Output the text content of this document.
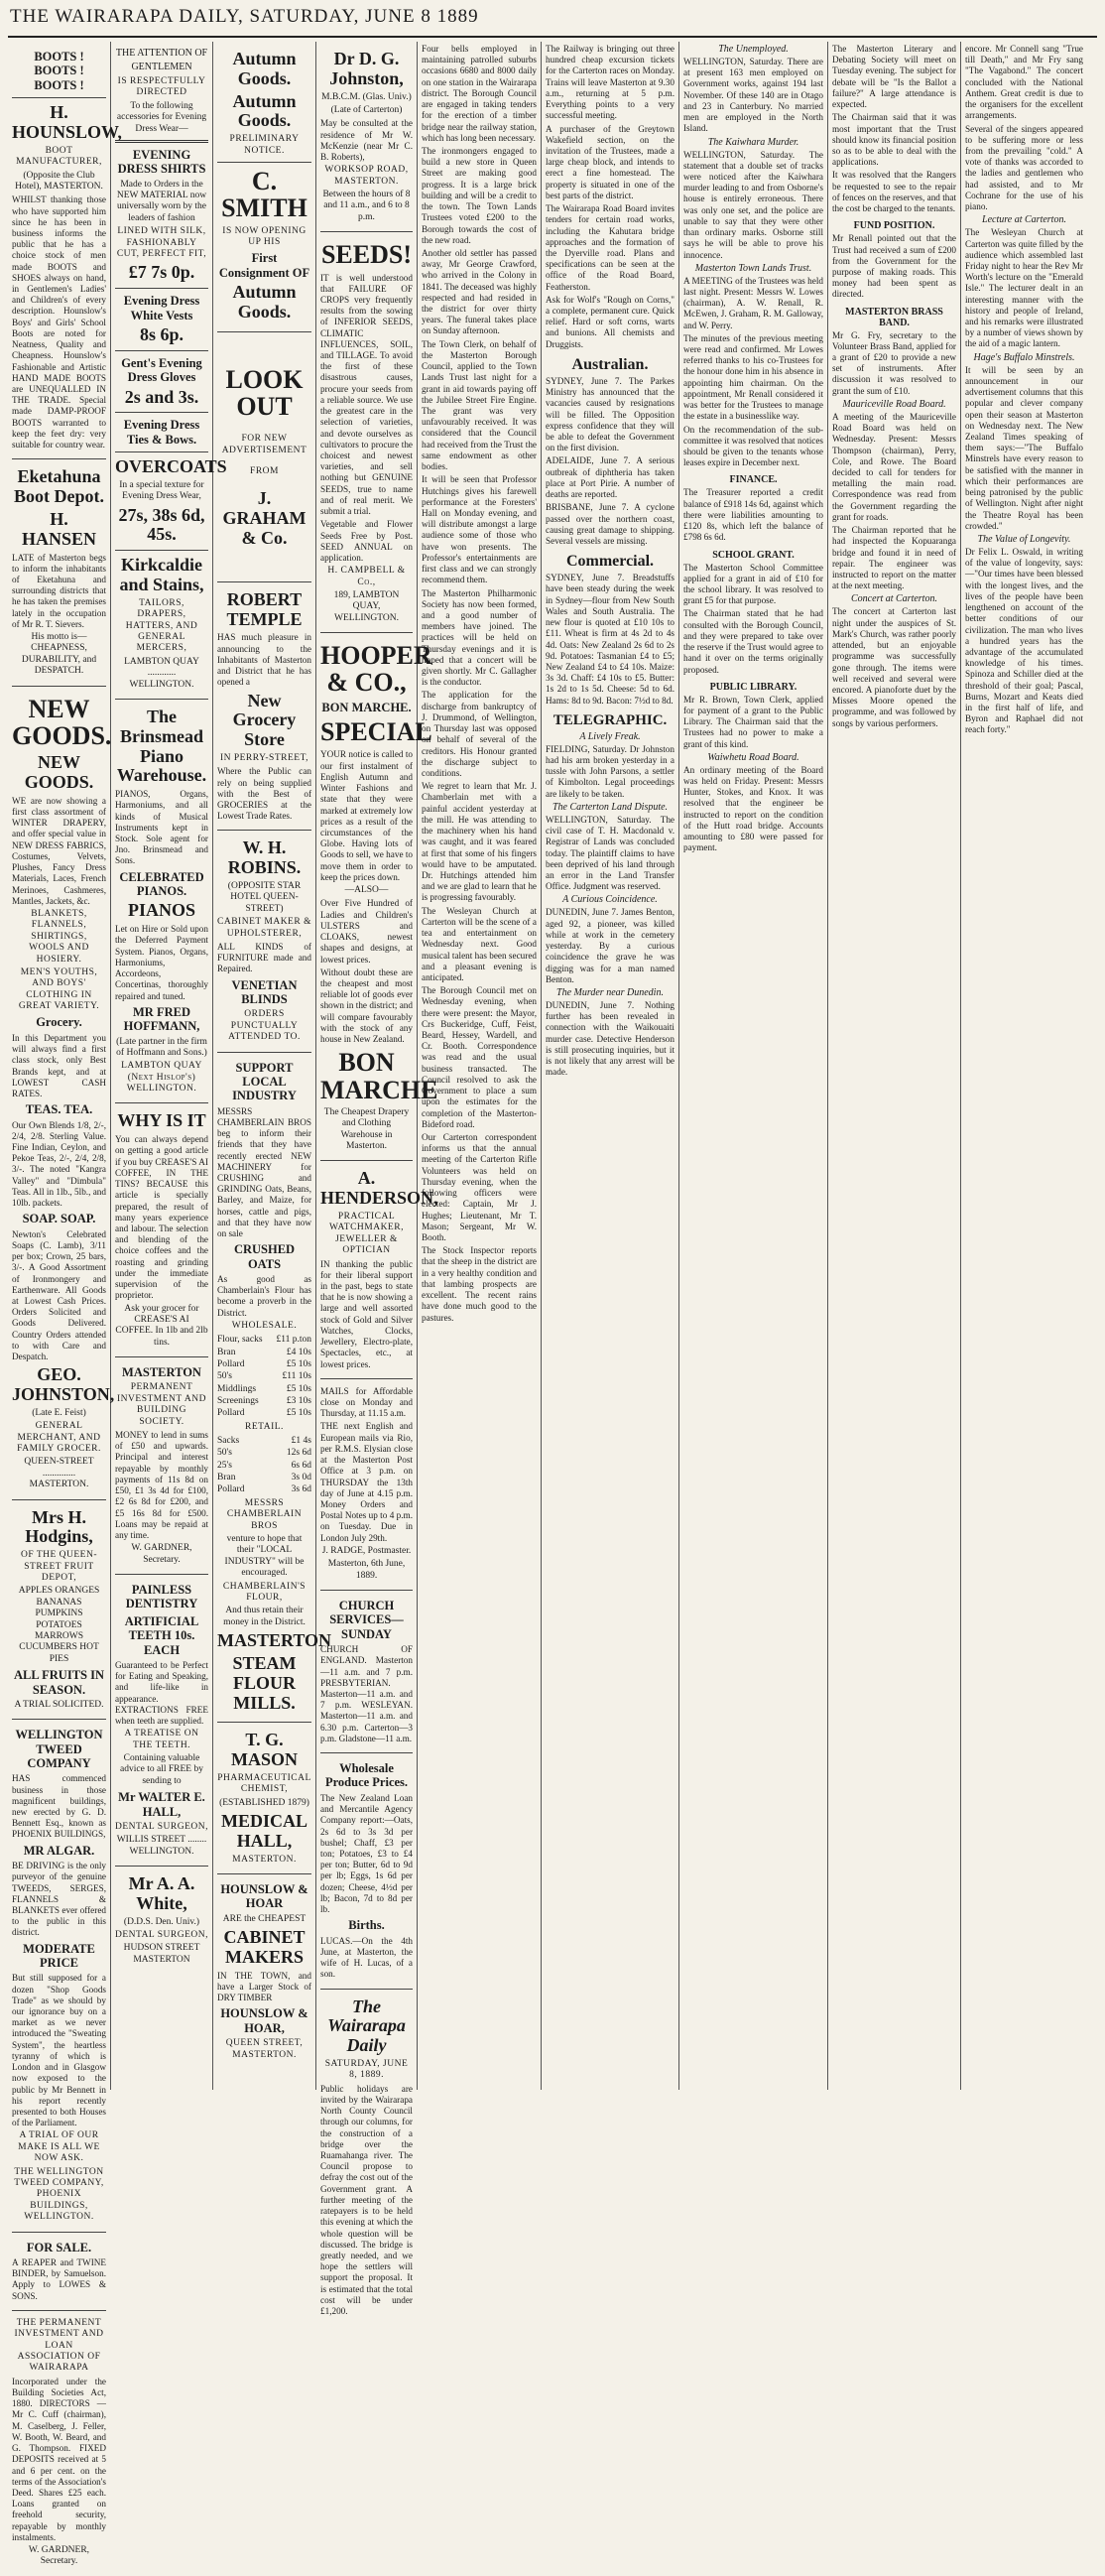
THE WAIRARAPA DAILY, SATURDAY, JUNE 8 1889
BOOTS ! BOOTS ! BOOTS !
H. HOUNSLOW,
BOOT MANUFACTURER,
(Opposite the Club Hotel), MASTERTON.
WHILST thanking those who have supported him since he has been in business informs the public that he has a choice stock of men made BOOTS and SHOES always on hand, in Gentlemen's Ladies' and Children's of every description. Hounslow's Boys' and Girls' School Boots are noted for Neatness, Quality and Cheapness. Hounslow's Fashionable and Artistic HAND MADE BOOTS are UNEQUALLED IN THE TRADE. Special made DAMP-PROOF BOOTS warranted to keep the feet dry: very suitable for country wear.
Eketahuna Boot Depot.
H. HANSEN
LATE of Masterton begs to inform the inhabitants of Eketahuna and surrounding districts that he has taken the premises lately in the occupation of Mr R. T. Sievers.
His motto is—CHEAPNESS, DURABILITY, and DESPATCH.
NEW GOODS.
NEW GOODS.
WE are now showing a first class assortment of WINTER DRAPERY, and offer special value in NEW DRESS FABRICS, Costumes, Velvets, Plushes, Fancy Dress Materials, Laces, French Merinoes, Cashmeres, Mantles, Jackets, &c.
BLANKETS, FLANNELS, SHIRTINGS, WOOLS AND HOSIERY.
MEN'S YOUTHS, AND BOYS' CLOTHING IN GREAT VARIETY.
Grocery.
In this Department you will always find a first class stock, only Best Brands kept, and at LOWEST CASH RATES.
TEAS. TEA.
Our Own Blends 1/8, 2/-, 2/4, 2/8. Sterling Value. Fine Indian, Ceylon, and Pekoe Teas, 2/-, 2/4, 2/8, 3/-. The noted "Kangra Valley" and "Dimbula" Teas. All in 1lb., 5lb., and 10lb. packets.
SOAP. SOAP.
Newton's Celebrated Soaps (C. Lamb), 3/11 per box; Crown, 25 bars, 3/-. A Good Assortment of Ironmongery and Earthenware. All Goods at Lowest Cash Prices. Orders Solicited and Goods Delivered. Country Orders attended to with Care and Despatch.
GEO. JOHNSTON,
(Late E. Feist)
GENERAL MERCHANT, AND FAMILY GROCER.
QUEEN-STREET .............. MASTERTON.
Mrs H. Hodgins,
OF THE QUEEN-STREET FRUIT DEPOT,
APPLES ORANGES BANANAS PUMPKINS POTATOES MARROWS CUCUMBERS HOT PIES
ALL FRUITS IN SEASON.
A TRIAL SOLICITED.
WELLINGTON TWEED COMPANY
HAS commenced business in those magnificent buildings, new erected by G. D. Bennett Esq., known as PHOENIX BUILDINGS,
MR ALGAR.
BE DRIVING is the only purveyor of the genuine TWEEDS, SERGES, FLANNELS & BLANKETS ever offered to the public in this district.
MODERATE PRICE
But still supposed for a dozen "Shop Goods Trade" as we should by our ignorance buy on a market as we never introduced the "Sweating System", the heartless tyranny of which is London and in Glasgow now exposed to the public by Mr Bennett in his report recently presented to both Houses of the Parliament.
A TRIAL OF OUR MAKE IS ALL WE NOW ASK.
THE WELLINGTON TWEED COMPANY, PHOENIX BUILDINGS, WELLINGTON.
FOR SALE.
A REAPER and TWINE BINDER, by Samuelson. Apply to LOWES & SONS.
THE PERMANENT INVESTMENT AND LOAN ASSOCIATION OF WAIRARAPA
Incorporated under the Building Societies Act, 1880. DIRECTORS — Mr C. Cuff (chairman), M. Caselberg, J. Feller, W. Booth, W. Beard, and G. Thompson. FIXED DEPOSITS received at 5 and 6 per cent. on the terms of the Association's Deed. Shares £25 each. Loans granted on freehold security, repayable by monthly instalments.
W. GARDNER, Secretary.
THE ATTENTION OF GENTLEMEN
IS RESPECTFULLY DIRECTED
To the following accessories for Evening Dress Wear—
EVENING DRESS SHIRTS
Made to Orders in the NEW MATERIAL now universally worn by the leaders of fashion
LINED WITH SILK, FASHIONABLY CUT, PERFECT FIT,
£7 7s 0p.
Evening Dress White Vests
8s 6p.
Gent's Evening Dress Gloves
2s and 3s.
Evening Dress Ties & Bows.
OVERCOATS
In a special texture for Evening Dress Wear,
27s, 38s 6d, 45s.
Kirkcaldie and Stains,
TAILORS, DRAPERS, HATTERS, AND GENERAL MERCERS,
LAMBTON QUAY ............ WELLINGTON.
The Brinsmead Piano Warehouse.
PIANOS, Organs, Harmoniums, and all kinds of Musical Instruments kept in Stock. Sole agent for Jno. Brinsmead and Sons.
CELEBRATED PIANOS.
PIANOS
Let on Hire or Sold upon the Deferred Payment System. Pianos, Organs, Harmoniums, Accordeons, Concertinas, thoroughly repaired and tuned.
MR FRED HOFFMANN,
(Late partner in the firm of Hoffmann and Sons.)
LAMBTON QUAY (Next Hislop's) WELLINGTON.
WHY IS IT
You can always depend on getting a good article if you buy CREASE'S AI COFFEE, IN THE TINS? BECAUSE this article is specially prepared, the result of many years experience and labour. The selection and blending of the choice coffees and the roasting and grinding under the immediate supervision of the proprietor.
Ask your grocer for CREASE'S AI COFFEE. In 1lb and 2lb tins.
MASTERTON
PERMANENT INVESTMENT AND BUILDING SOCIETY.
MONEY to lend in sums of £50 and upwards. Principal and interest repayable by monthly payments of 11s 8d on £50, £1 3s 4d for £100, £2 6s 8d for £200, and £5 16s 8d for £500. Loans may be repaid at any time.
W. GARDNER, Secretary.
PAINLESS DENTISTRY
ARTIFICIAL TEETH 10s. EACH
Guaranteed to be Perfect for Eating and Speaking, and life-like in appearance. EXTRACTIONS FREE when teeth are supplied.
A TREATISE ON THE TEETH.
Containing valuable advice to all FREE by sending to
Mr WALTER E. HALL,
DENTAL SURGEON,
WILLIS STREET ........ WELLINGTON.
Mr A. A. White,
(D.D.S. Den. Univ.)
DENTAL SURGEON,
HUDSON STREET MASTERTON
Autumn Goods.
Autumn Goods.
PRELIMINARY NOTICE.
C. SMITH
IS NOW OPENING UP HIS
First Consignment OF
Autumn Goods.
LOOK OUT
FOR NEW ADVERTISEMENT
FROM
J. GRAHAM & Co.
ROBERT TEMPLE
HAS much pleasure in announcing to the Inhabitants of Masterton and District that he has opened a
New Grocery Store
IN PERRY-STREET,
Where the Public can rely on being supplied with the Best of GROCERIES at the Lowest Trade Rates.
W. H. ROBINS.
(OPPOSITE STAR HOTEL QUEEN-STREET)
CABINET MAKER & UPHOLSTERER,
ALL KINDS of FURNITURE made and Repaired.
VENETIAN BLINDS
ORDERS PUNCTUALLY ATTENDED TO.
SUPPORT LOCAL INDUSTRY
MESSRS CHAMBERLAIN BROS beg to inform their friends that they have recently erected NEW MACHINERY for CRUSHING and GRINDING Oats, Beans, Barley, and Maize, for horses, cattle and pigs, and that they have now on sale
CRUSHED OATS
As good as Chamberlain's Flour has become a proverb in the District.
WHOLESALE.
Flour, sacks £11 p.ton
Bran	£4 10s
Pollard	£5 10s
50's	£11 10s
Middlings	£5 10s
Screenings	£3 10s
Pollard	£5 10s
RETAIL.
Sacks	£1 4s
50's	12s 6d
25's	6s 6d
Bran	3s 0d
Pollard	3s 6d
MESSRS CHAMBERLAIN BROS
venture to hope that their "LOCAL INDUSTRY" will be encouraged.
CHAMBERLAIN'S FLOUR,
And thus retain their money in the District.
MASTERTON
STEAM FLOUR MILLS.
T. G. MASON
PHARMACEUTICAL CHEMIST,
(ESTABLISHED 1879)
MEDICAL HALL,
MASTERTON.
HOUNSLOW & HOAR
ARE the CHEAPEST
CABINET MAKERS
IN THE TOWN, and have a Larger Stock of DRY TIMBER
HOUNSLOW & HOAR,
QUEEN STREET, MASTERTON.
Dr D. G. Johnston,
M.B.C.M. (Glas. Univ.)
(Late of Carterton)
May be consulted at the residence of Mr W. McKenzie (near Mr C. B. Roberts),
WORKSOP ROAD, MASTERTON.
Between the hours of 8 and 11 a.m., and 6 to 8 p.m.
SEEDS!
IT is well understood that FAILURE OF CROPS very frequently results from the sowing of INFERIOR SEEDS, CLIMATIC INFLUENCES, SOIL, and TILLAGE. To avoid the first of these disastrous causes, procure your seeds from a reliable source. We use the greatest care in the selection of varieties, and devote ourselves as cultivators to procure the choicest and newest varieties, and sell nothing but GENUINE SEEDS, true to name and of real merit. We submit a trial.
Vegetable and Flower Seeds Free by Post. SEED ANNUAL on application.
H. CAMPBELL & Co.,
189, LAMBTON QUAY, WELLINGTON.
HOOPER & CO.,
BON MARCHE.
SPECIAL
YOUR notice is called to our first instalment of English Autumn and Winter Fashions and state that they were marked at extremely low prices as a result of the circumstances of the Globe. Having lots of Goods to sell, we have to move them in order to keep the prices down.
—ALSO—
Over Five Hundred of Ladies and Children's ULSTERS and CLOAKS, newest shapes and designs, at lowest prices.
Without doubt these are the cheapest and most reliable lot of goods ever shown in the district; and will compare favourably with the stock of any house in New Zealand.
BON MARCHE
The Cheapest Drapery and Clothing Warehouse in Masterton.
A. HENDERSON,
PRACTICAL WATCHMAKER, JEWELLER & OPTICIAN
IN thanking the public for their liberal support in the past, begs to state that he is now showing a large and well assorted stock of Gold and Silver Watches, Clocks, Jewellery, Electro-plate, Spectacles, etc., at lowest prices.
MAILS for Affordable close on Monday and Thursday, at 11.15 a.m.
THE next English and European mails via Rio, per R.M.S. Elysian close at the Masterton Post Office at 3 p.m. on THURSDAY the 13th day of June at 4.15 p.m. Money Orders and Postal Notes up to 4 p.m. on Tuesday. Due in London July 29th.
J. RADGE, Postmaster.
Masterton, 6th June, 1889.
CHURCH SERVICES—SUNDAY
CHURCH OF ENGLAND. Masterton—11 a.m. and 7 p.m. PRESBYTERIAN. Masterton—11 a.m. and 7 p.m. WESLEYAN. Masterton—11 a.m. and 6.30 p.m. Carterton—3 p.m. Gladstone—11 a.m.
Wholesale Produce Prices.
The New Zealand Loan and Mercantile Agency Company report:—Oats, 2s 6d to 3s 3d per bushel; Chaff, £3 per ton; Potatoes, £3 to £4 per ton; Butter, 6d to 9d per lb; Eggs, 1s 6d per dozen; Cheese, 4½d per lb; Bacon, 7d to 8d per lb.
Births.
LUCAS.—On the 4th June, at Masterton, the wife of H. Lucas, of a son.
The Wairarapa Daily
SATURDAY, JUNE 8, 1889.
Public holidays are invited by the Wairarapa North County Council through our columns, for the construction of a bridge over the Ruamahanga river. The Council propose to defray the cost out of the Government grant. A further meeting of the ratepayers is to be held this evening at which the whole question will be discussed. The bridge is greatly needed, and we hope the settlers will support the proposal. It is estimated that the total cost will be under £1,200.
Four bells employed in maintaining patrolled suburbs occasions 6680 and 8000 daily on one station in the Wairarapa district. The Borough Council are engaged in taking tenders for the erection of a timber bridge near the railway station, which has long been necessary.
The ironmongers engaged to build a new store in Queen Street are making good progress. It is a large brick building and will be a credit to the town. The Town Lands Trustees voted £200 to the Borough towards the cost of the new road.
Another old settler has passed away, Mr George Crawford, who arrived in the Colony in 1841. The deceased was highly respected and had resided in the district for over thirty years. The funeral takes place on Sunday afternoon.
The Town Clerk, on behalf of the Masterton Borough Council, applied to the Town Lands Trust last night for a grant in aid towards paying off the Jubilee Street Fire Engine. The grant was very unfavourably received. It was considered that the Council had received from the Trust the same endowment as other bodies.
It will be seen that Professor Hutchings gives his farewell performance at the Foresters' Hall on Monday evening, and will distribute amongst a large audience some of those who have won presents. The Professor's entertainments are first class and we can strongly recommend them.
The Masterton Philharmonic Society has now been formed, and a good number of members have joined. The practices will be held on Thursday evenings and it is hoped that a concert will be given shortly. Mr C. Gallagher is the conductor.
The application for the discharge from bankruptcy of J. Drummond, of Wellington, on Thursday last was opposed on behalf of several of the creditors. His Honour granted the discharge subject to conditions.
We regret to learn that Mr. J. Chamberlain met with a painful accident yesterday at the mill. He was attending to the machinery when his hand was caught, and it was feared at first that some of his fingers would have to be amputated. Dr. Hutchings attended him and we are glad to learn that he is progressing favourably.
The Wesleyan Church at Carterton will be the scene of a tea and entertainment on Wednesday next. Good musical talent has been secured and a pleasant evening is anticipated.
The Borough Council met on Wednesday evening, when there were present: the Mayor, Crs Buckeridge, Cuff, Feist, Beard, Hessey, Wardell, and Cr. Booth. Correspondence was read and the usual business transacted. The Council resolved to ask the Government to place a sum upon the estimates for the completion of the Masterton-Bideford road.
Our Carterton correspondent informs us that the annual meeting of the Carterton Rifle Volunteers was held on Thursday evening, when the following officers were elected: Captain, Mr J. Hughes; Lieutenant, Mr T. Mason; Sergeant, Mr W. Booth.
The Stock Inspector reports that the sheep in the district are in a very healthy condition and that lambing prospects are excellent. The recent rains have done much good to the pastures.
The Railway is bringing out three hundred cheap excursion tickets for the Carterton races on Monday. Trains will leave Masterton at 9.30 a.m., returning at 5 p.m. Everything points to a very successful meeting.
A purchaser of the Greytown Wakefield section, on the invitation of the Trustees, made a large cheap block, and intends to erect a fine homestead. The property is situated in one of the best parts of the district.
The Wairarapa Road Board invites tenders for certain road works, including the Kahutara bridge approaches and the formation of the Dyerville road. Plans and specifications can be seen at the office of the Road Board, Featherston.
Ask for Wolf's "Rough on Corns," a complete, permanent cure. Quick relief. Hard or soft corns, warts and bunions. All chemists and Druggists.
Australian.
SYDNEY, June 7. The Parkes Ministry has announced that the vacancies caused by resignations will be filled. The Opposition express confidence that they will be able to defeat the Government on the first division.
ADELAIDE, June 7. A serious outbreak of diphtheria has taken place at Port Pirie. A number of deaths are reported.
BRISBANE, June 7. A cyclone passed over the northern coast, causing great damage to shipping. Several vessels are missing.
Commercial.
SYDNEY, June 7. Breadstuffs have been steady during the week in Sydney—flour from New South Wales and South Australia. The new flour is quoted at £10 10s to £11. Wheat is firm at 4s 2d to 4s 4d. Oats: New Zealand 2s 6d to 2s 9d. Potatoes: Tasmanian £4 to £5; New Zealand £4 to £4 10s. Maize: 3s 3d. Chaff: £4 10s to £5. Butter: 1s 2d to 1s 5d. Cheese: 5d to 6d. Hams: 8d to 9d. Bacon: 7½d to 8d.
TELEGRAPHIC.
A Lively Freak.
FIELDING, Saturday. Dr Johnston had his arm broken yesterday in a tussle with John Parsons, a settler of Kimbolton. Legal proceedings are likely to be taken.
The Carterton Land Dispute.
WELLINGTON, Saturday. The civil case of T. H. Macdonald v. Registrar of Lands was concluded today. The plaintiff claims to have been deprived of his land through an error in the Land Transfer Office. Judgment was reserved.
A Curious Coincidence.
DUNEDIN, June 7. James Benton, aged 92, a pioneer, was killed while at work in the cemetery yesterday. By a curious coincidence the grave he was digging was for a man named Benton.
The Murder near Dunedin.
DUNEDIN, June 7. Nothing further has been revealed in connection with the Waikouaiti murder case. Detective Henderson is still prosecuting inquiries, but it is not likely that any arrest will be made.
The Unemployed.
WELLINGTON, Saturday. There are at present 163 men employed on Government works, against 194 last November. Of these 140 are in Otago and 23 in Canterbury. No married men are employed in the North Island.
The Kaiwhara Murder.
WELLINGTON, Saturday. The statement that a double set of tracks were noticed after the Kaiwhara murder leading to and from Osborne's house is entirely erroneous. There was only one set, and the police are unable to say that they were other than ordinary marks. Osborne still says he will be able to prove his innocence.
Masterton Town Lands Trust.
A MEETING of the Trustees was held last night. Present: Messrs W. Lowes (chairman), A. W. Renall, R. McEwen, J. Graham, R. M. Galloway, and W. Perry.
The minutes of the previous meeting were read and confirmed. Mr Lowes referred thanks to his co-Trustees for the honour done him in his absence in appointing him chairman. On the appointment, Mr Renall considered it was better for the Trustees to manage the estate in a businesslike way.
On the recommendation of the sub-committee it was resolved that notices should be given to the tenants whose leases expire in December next.
FINANCE.
The Treasurer reported a credit balance of £918 14s 6d, against which there were liabilities amounting to £120 8s, which left the balance of £798 6s 6d.
SCHOOL GRANT.
The Masterton School Committee applied for a grant in aid of £10 for the school library. It was resolved to grant £5 for that purpose.
The Chairman stated that he had consulted with the Borough Council, and they were prepared to take over the reserve if the Trust would agree to hand it over on the terms originally proposed.
PUBLIC LIBRARY.
Mr R. Brown, Town Clerk, applied for payment of a grant to the Public Library. The Chairman said that the Trustees had no power to make a grant of this kind.
Waiwhetu Road Board.
An ordinary meeting of the Board was held on Friday. Present: Messrs Hunter, Stokes, and Knox. It was resolved that the engineer be instructed to report on the condition of the Hutt road bridge. Accounts amounting to £80 were passed for payment.
The Masterton Literary and Debating Society will meet on Tuesday evening. The subject for debate will be "Is the Ballot a failure?" A large attendance is expected.
The Chairman said that it was most important that the Trust should know its financial position so as to be able to deal with the applications.
It was resolved that the Rangers be requested to see to the repair of fences on the reserves, and that the cost be charged to the tenants.
FUND POSITION.
Mr Renall pointed out that the Trust had received a sum of £200 from the Government for the purpose of making roads. This money had been spent as directed.
MASTERTON BRASS BAND.
Mr G. Fry, secretary to the Volunteer Brass Band, applied for a grant of £20 to provide a new set of instruments. After discussion it was resolved to grant the sum of £10.
Mauriceville Road Board.
A meeting of the Mauriceville Road Board was held on Wednesday. Present: Messrs Thompson (chairman), Perry, Cole, and Rowe. The Board decided to call for tenders for metalling the main road. Correspondence was read from the Government regarding the grant for roads.
The Chairman reported that he had inspected the Kopuaranga bridge and found it in need of repair. The engineer was instructed to report on the matter at the next meeting.
Concert at Carterton.
The concert at Carterton last night under the auspices of St. Mark's Church, was rather poorly attended, but an enjoyable programme was successfully gone through. The items were well received and several were encored. A pianoforte duet by the Misses Moore opened the programme, and was followed by songs by various performers.
encore. Mr Connell sang "True till Death," and Mr Fry sang "The Vagabond." The concert concluded with the National Anthem. Great credit is due to the organisers for the excellent arrangements.
Several of the singers appeared to be suffering more or less from the prevailing "cold." A vote of thanks was accorded to the ladies and gentlemen who had assisted, and to Mr Cochrane for the use of his piano.
Lecture at Carterton.
The Wesleyan Church at Carterton was quite filled by the audience which assembled last Friday night to hear the Rev Mr Worth's lecture on the "Emerald Isle." The lecturer dealt in an interesting manner with the history and people of Ireland, and his remarks were illustrated by a number of views shown by the aid of a magic lantern.
Hage's Buffalo Minstrels.
It will be seen by an announcement in our advertisement columns that this popular and clever company open their season at Masterton on Wednesday next. The New Zealand Times speaking of them says:—"The Buffalo Minstrels have every reason to be satisfied with the manner in which their performances are being patronised by the public of Wellington. Night after night the Theatre Royal has been crowded."
The Value of Longevity.
Dr Felix L. Oswald, in writing of the value of longevity, says:—"Our times have been blessed with the longest lives, and the lives of the people have been lengthened on account of the better conditions of our civilization. The man who lives a hundred years has the advantage of the accumulated knowledge of his times. Spinoza and Schiller died at the threshold of their goal; Pascal, Burns, Mozart and Keats died in the first half of life, and Byron and Raphael did not reach forty."
